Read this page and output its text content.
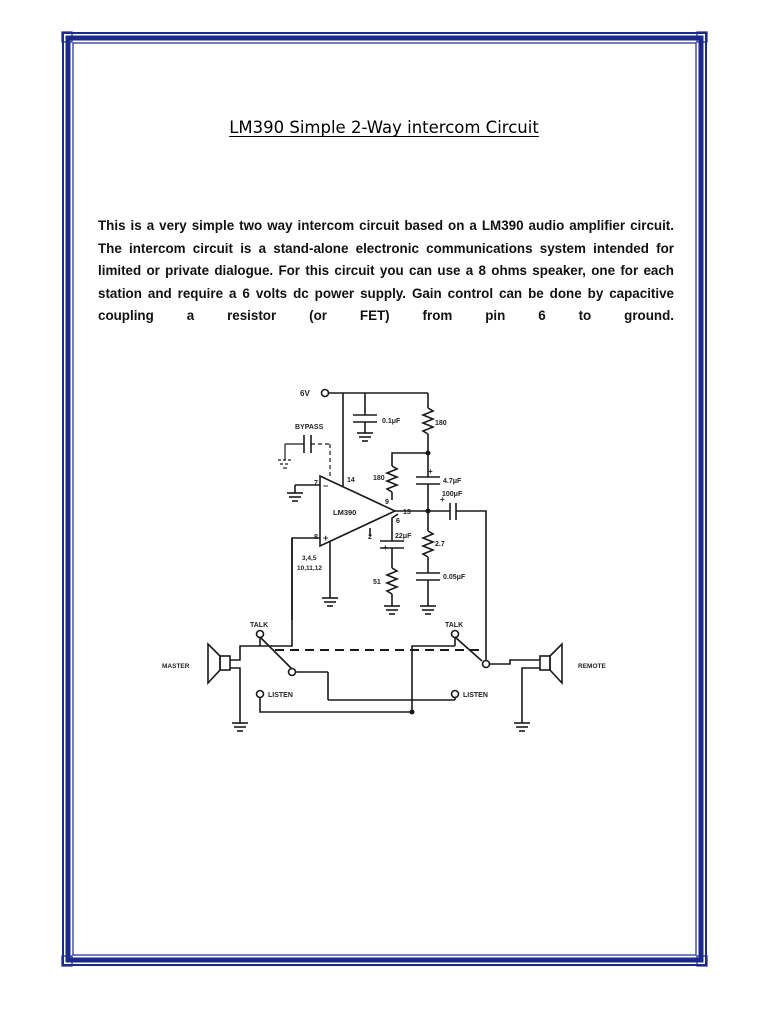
LM390 Simple 2-Way intercom Circuit
This is a very simple two way intercom circuit based on a LM390 audio amplifier circuit. The intercom circuit is a stand-alone electronic communications system intended for limited or private dialogue. For this circuit you can use a 8 ohms speaker, one for each station and require a 6 volts dc power supply. Gain control can be done by capacitive coupling a resistor (or FET) from pin 6 to ground.
6V
BYPASS
LM390
−
+
7	14
8	2
9
13
6
3,4,5
10,11,12
0.1μF	180
180
+
4.7μF
+
100μF
+
22μF
51
2.7
0.05μF
TALK
LISTEN
TALK
LISTEN
MASTER	REMOTE
